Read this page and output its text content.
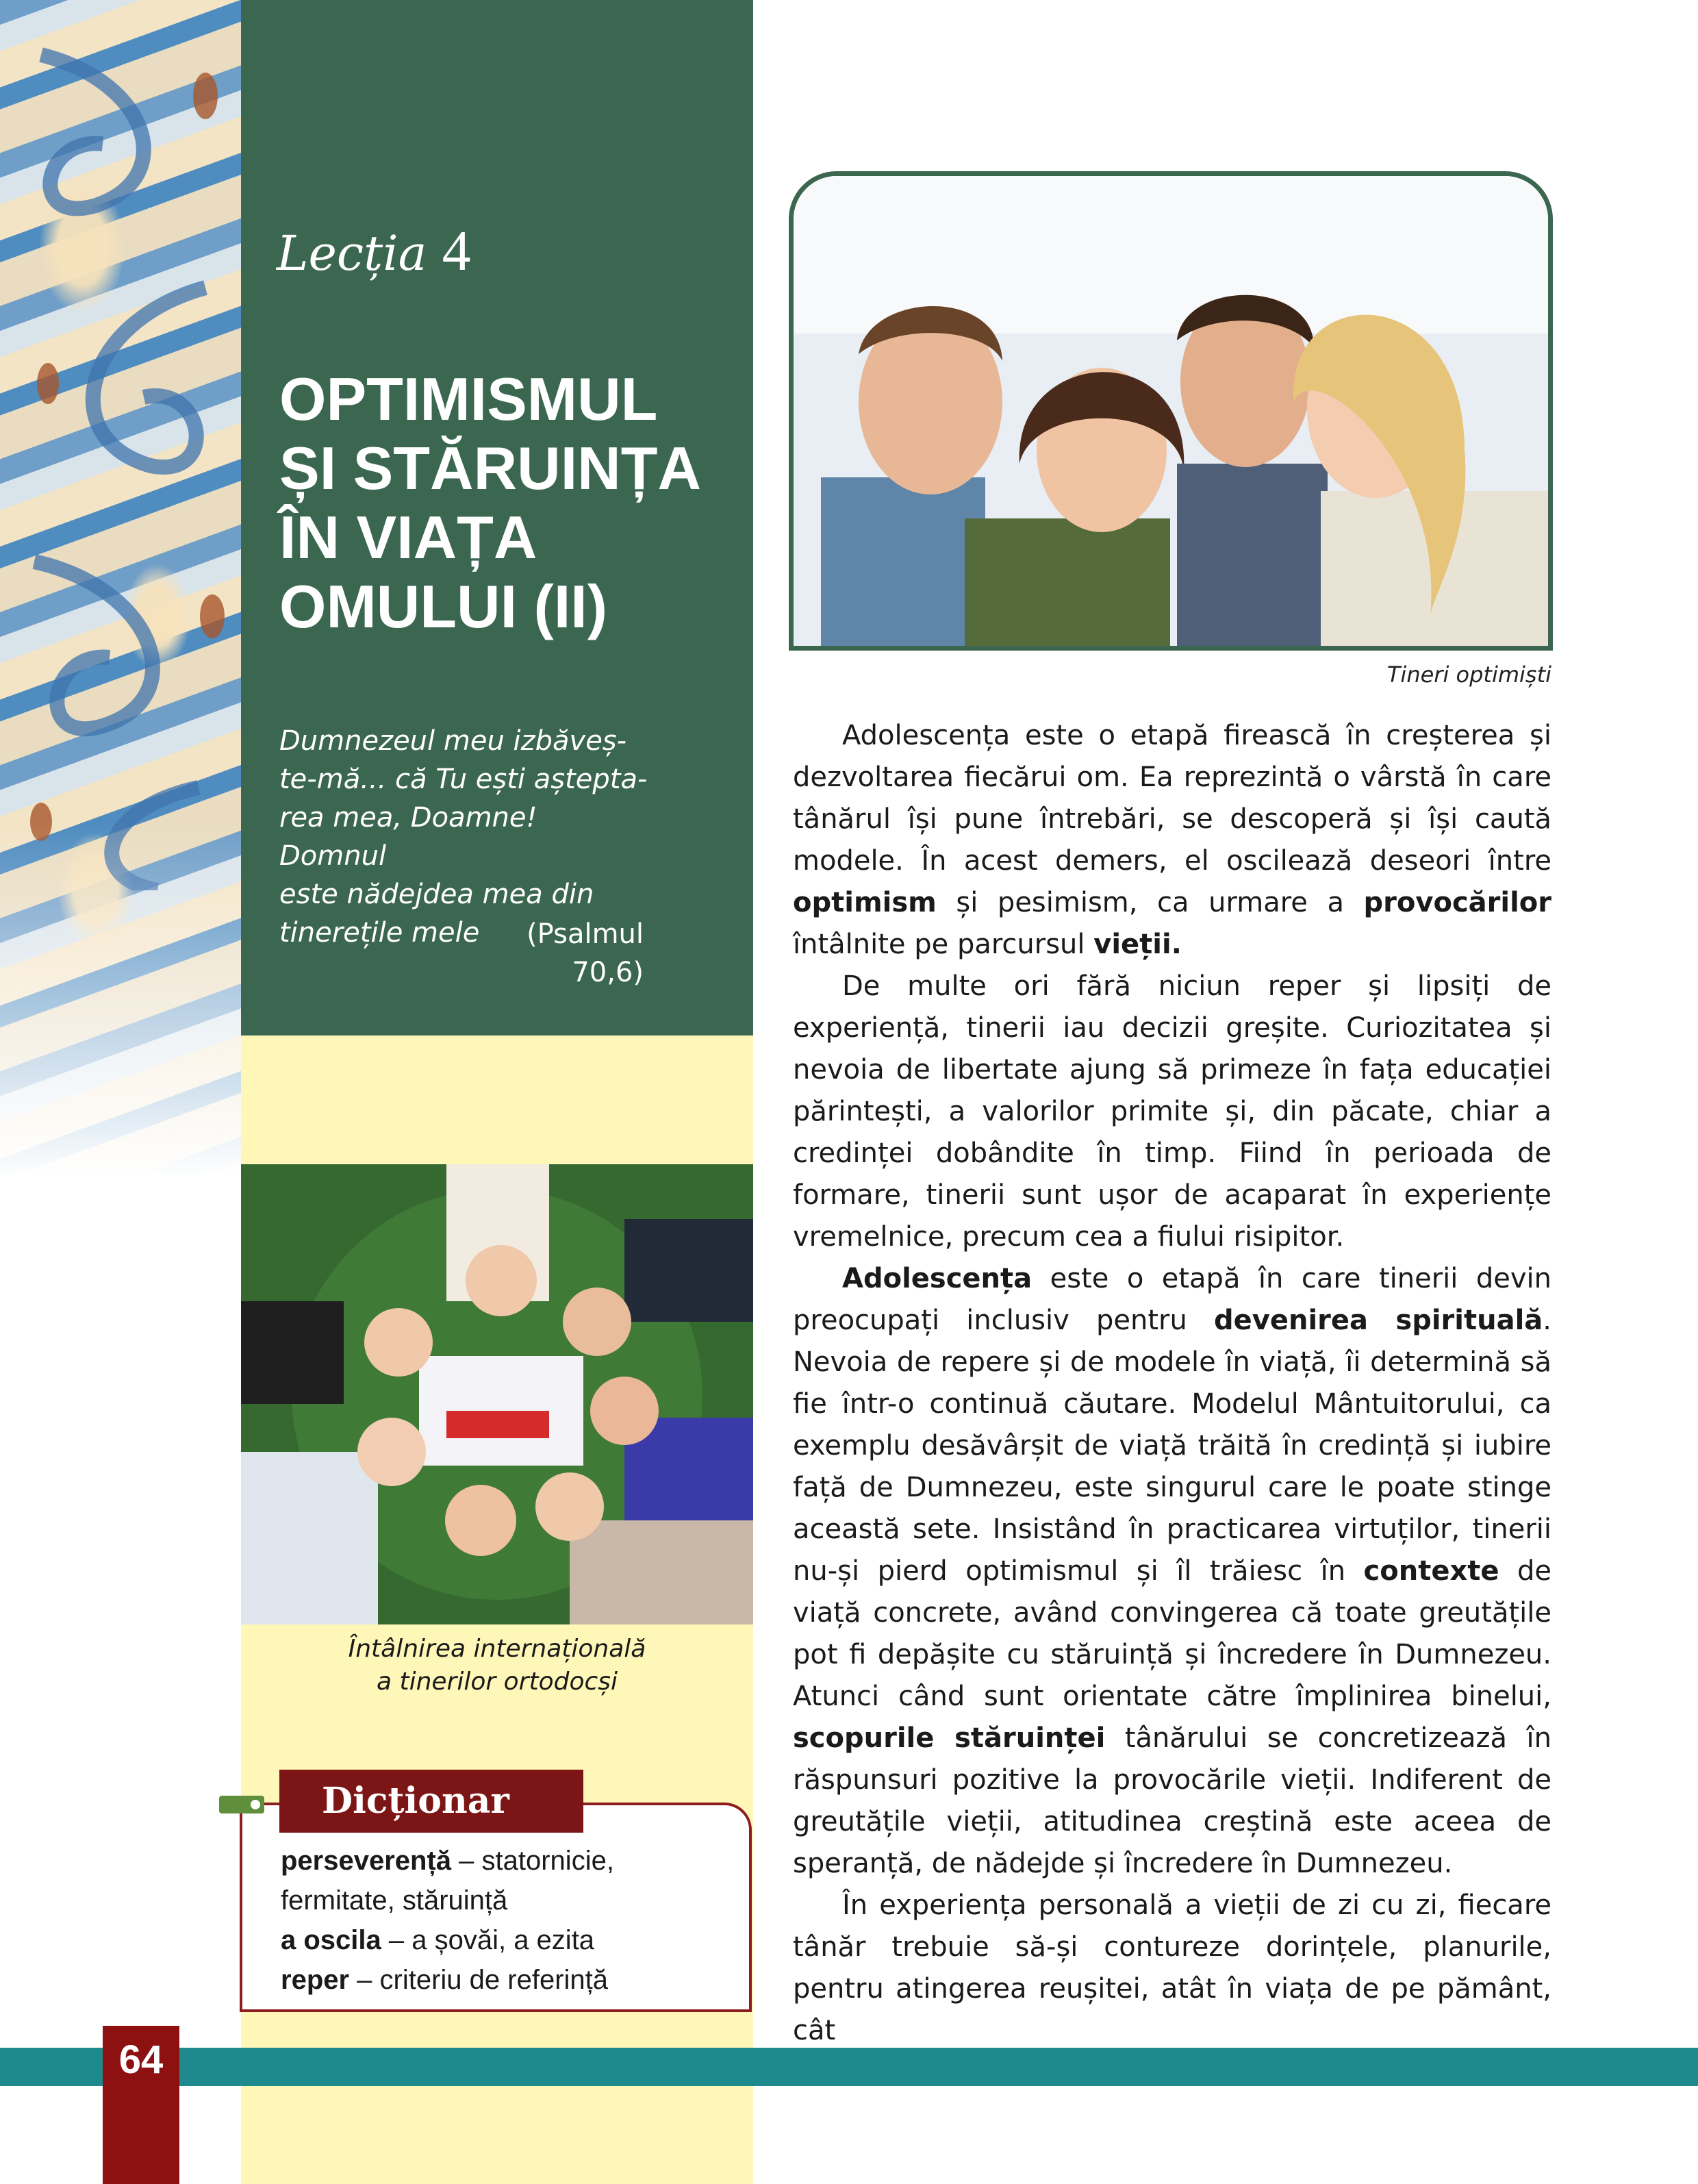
Lecția 4
OPTIMISMUL
ȘI STĂRUINȚA
ÎN VIAȚA
OMULUI (II)
Dumnezeul meu izbăveș-
te-mă... că Tu ești aștepta-
rea mea, Doamne! Domnul
este nădejdea mea din
tinerețile mele	(Psalmul 70,6)
Tineri optimiști
Întâlnirea internațională
a tinerilor ortodocși
Dicționar
perseverență – statornicie,
fermitate, stăruință
a oscila – a șovăi, a ezita
reper – criteriu de referință

Adolescența este o etapă firească în creșterea și dezvoltarea fiecărui om. Ea reprezintă o vârstă în care tânărul își pune întrebări, se descoperă și își caută modele. În acest demers, el oscilează deseori între optimism și pesimism, ca urmare a provocărilor întâlnite pe parcursul vieții.

De multe ori fără niciun reper și lipsiți de experiență, tinerii iau decizii greșite. Curiozitatea și nevoia de libertate ajung să primeze în fața educației părintești, a valorilor primite și, din păcate, chiar a credinței dobândite în timp. Fiind în perioada de formare, tinerii sunt ușor de acaparat în experiențe vremelnice, precum cea a fiului risipitor.

Adolescența este o etapă în care tinerii devin preocupați inclusiv pentru devenirea spirituală. Nevoia de repere și de modele în viață, îi determină să fie într-o continuă căutare. Modelul Mântuitorului, ca exemplu desăvârșit de viață trăită în credință și iubire față de Dumnezeu, este singurul care le poate stinge această sete. Insistând în practicarea virtuților, tinerii nu-și pierd optimismul și îl trăiesc în contexte de viață concrete, având convingerea că toate greutățile pot fi depășite cu stăruință și încredere în Dumnezeu. Atunci când sunt orientate către împlinirea binelui, scopurile stăruinței tânărului se concretizează în răspunsuri pozitive la provocările vieții. Indiferent de greutățile vieții, atitudinea creștină este aceea de speranță, de nădejde și încredere în Dumnezeu.

În experiența personală a vieții de zi cu zi, fiecare tânăr trebuie să-și contureze dorințele, planurile, pentru atingerea reușitei, atât în viața de pe pământ, cât

64
